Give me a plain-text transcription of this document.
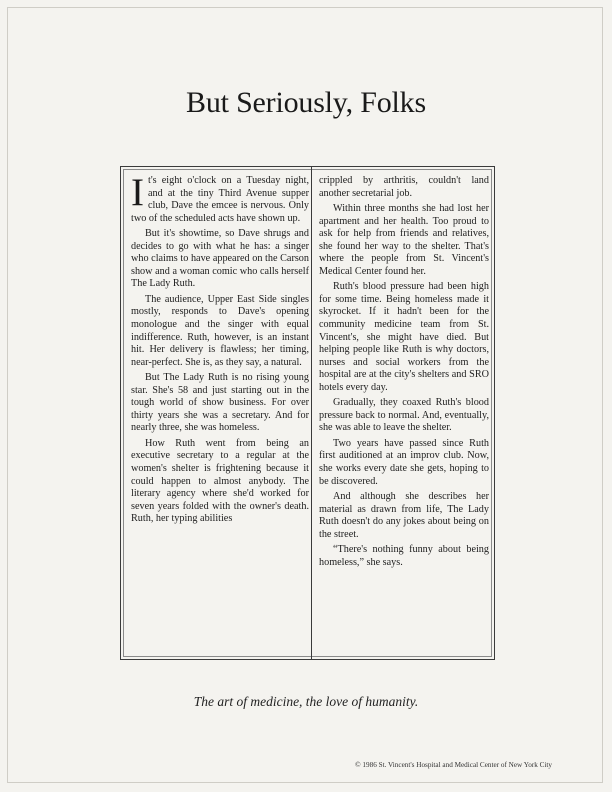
But Seriously, Folks

It's eight o'clock on a Tuesday night, and at the tiny Third Avenue supper club, Dave the emcee is nervous. Only two of the scheduled acts have shown up.

But it's showtime, so Dave shrugs and decides to go with what he has: a singer who claims to have appeared on the Carson show and a woman comic who calls herself The Lady Ruth.

The audience, Upper East Side singles mostly, responds to Dave's opening monologue and the singer with equal indifference. Ruth, however, is an instant hit. Her delivery is flawless; her timing, near-perfect. She is, as they say, a natural.

But The Lady Ruth is no rising young star. She's 58 and just starting out in the tough world of show business. For over thirty years she was a secretary. And for nearly three, she was homeless.

How Ruth went from being an executive secretary to a regular at the women's shelter is frightening because it could happen to almost anybody. The literary agency where she'd worked for seven years folded with the owner's death. Ruth, her typing abilities

crippled by arthritis, couldn't land another secretarial job.

Within three months she had lost her apartment and her health. Too proud to ask for help from friends and relatives, she found her way to the shelter. That's where the people from St. Vincent's Medical Center found her.

Ruth's blood pressure had been high for some time. Being homeless made it skyrocket. If it hadn't been for the community medicine team from St. Vincent's, she might have died. But helping people like Ruth is why doctors, nurses and social workers from the hospital are at the city's shelters and SRO hotels every day.

Gradually, they coaxed Ruth's blood pressure back to normal. And, eventually, she was able to leave the shelter.

Two years have passed since Ruth first auditioned at an improv club. Now, she works every date she gets, hoping to be discovered.

And although she describes her material as drawn from life, The Lady Ruth doesn't do any jokes about being on the street.

“There's nothing funny about being homeless,” she says.

The art of medicine, the love of humanity.
© 1986 St. Vincent's Hospital and Medical Center of New York City
